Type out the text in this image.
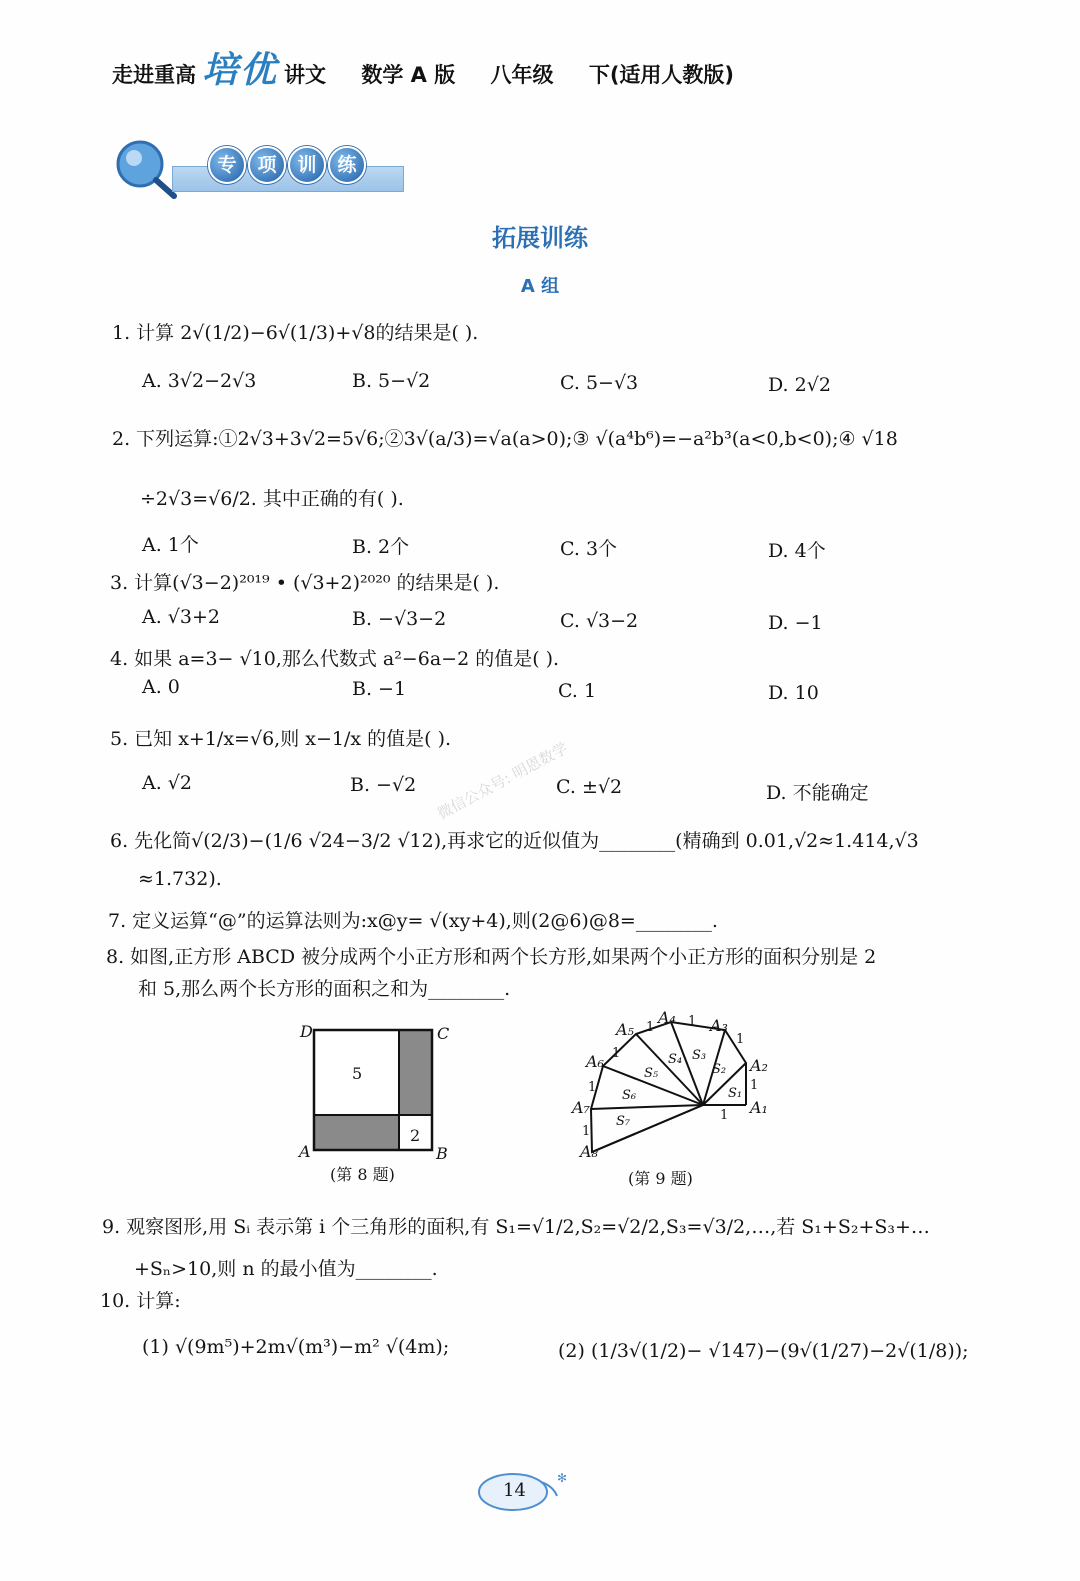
走进重高 培优 讲文 数学 A 版 八年级 下(适用人教版)
专	项	训	练
拓展训练
A 组
1. 计算 2√(1/2)−6√(1/3)+√8的结果是( ).
A. 3√2−2√3	B. 5−√2	C. 5−√3	D. 2√2
2. 下列运算:①2√3+3√2=5√6;②3√(a/3)=√a(a>0);③ √(a⁴b⁶)=−a²b³(a<0,b<0);④ √18
÷2√3=√6/2. 其中正确的有( ).
A. 1个	B. 2个	C. 3个	D. 4个
3. 计算(√3−2)²⁰¹⁹ • (√3+2)²⁰²⁰ 的结果是( ).
A. √3+2	B. −√3−2	C. √3−2	D. −1
4. 如果 a=3− √10,那么代数式 a²−6a−2 的值是( ).
A. 0	B. −1	C. 1	D. 10
5. 已知 x+1/x=√6,则 x−1/x 的值是( ).
微信公众号: 明恩数学
A. √2	B. −√2	C. ±√2	D. 不能确定
6. 先化简√(2/3)−(1/6 √24−3/2 √12),再求它的近似值为________(精确到 0.01,√2≈1.414,√3
≈1.732).
7. 定义运算“@”的运算法则为:x@y= √(xy+4),则(2@6)@8=________.
8. 如图,正方形 ABCD 被分成两个小正方形和两个长方形,如果两个小正方形的面积分别是 2
和 5,那么两个长方形的面积之和为________.
D	C
A	B
5
2
(第 8 题)
A₁
A₂
A₃
A₄
A₅
A₆
A₇
A₈
S₁
S₂
S₃
S₄
S₅
S₆
S₇	1
1
1
1
1
1
1
1
(第 9 题)
9. 观察图形,用 Sᵢ 表示第 i 个三角形的面积,有 S₁=√1/2,S₂=√2/2,S₃=√3/2,…,若 S₁+S₂+S₃+…
+Sₙ>10,则 n 的最小值为________.
10. 计算:
(1) √(9m⁵)+2m√(m³)−m² √(4m);	(2) (1/3√(1/2)− √147)−(9√(1/27)−2√(1/8));
✻
14
